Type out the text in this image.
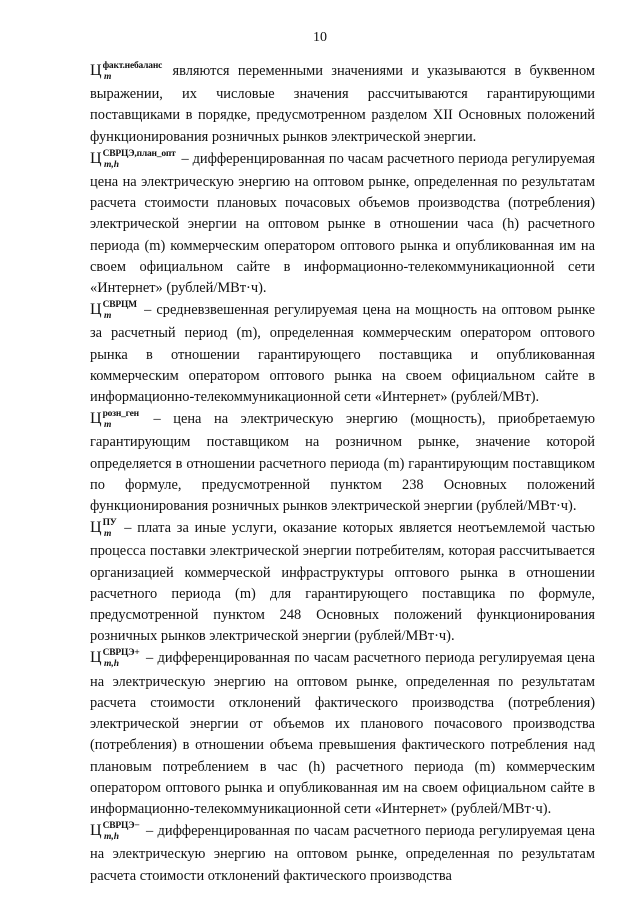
10

$Ц^{факт.небаланс}$
m	являются переменными значениями и указываются в буквенном выражении, их числовые значения рассчитываются гарантирующими поставщиками в порядке, предусмотренном разделом XII Основных положений функционирования розничных рынков электрической энергии.

$Ц^{СВРЦЭ,план\_опт}$
m,h	– дифференцированная по часам расчетного периода регулируемая цена на электрическую энергию на оптовом рынке, определенная по результатам расчета стоимости плановых почасовых объемов производства (потребления) электрической энергии на оптовом рынке в отношении часа (h) расчетного периода (m) коммерческим оператором оптового рынка и опубликованная им на своем официальном сайте в информационно-телекоммуникационной сети «Интернет» (рублей/МВт·ч).

$Ц^{СВРЦМ}$
m – средневзвешенная регулируемая цена на мощность на оптовом рынке за расчетный период (m), определенная коммерческим оператором оптового рынка в отношении гарантирующего поставщика и опубликованная коммерческим оператором оптового рынка на своем официальном сайте в информационно-телекоммуникационной сети «Интернет» (рублей/МВт).

$Ц^{розн\_ген}$
m	– цена на электрическую энергию (мощность), приобретаемую гарантирующим поставщиком на розничном рынке, значение которой определяется в отношении расчетного периода (m) гарантирующим поставщиком по формуле, предусмотренной пунктом 238 Основных положений функционирования розничных рынков электрической энергии (рублей/МВт·ч).

$Ц^{ПУ}$
m – плата за иные услуги, оказание которых является неотъемлемой частью процесса поставки электрической энергии потребителям, которая рассчитывается организацией коммерческой инфраструктуры оптового рынка в отношении расчетного периода (m) для гарантирующего поставщика по формуле, предусмотренной пунктом 248 Основных положений функционирования розничных рынков электрической энергии (рублей/МВт·ч).

$Ц^{СВРЦЭ+}$
m,h – дифференцированная по часам расчетного периода регулируемая цена на электрическую энергию на оптовом рынке, определенная по результатам расчета стоимости отклонений фактического производства (потребления) электрической энергии от объемов их планового почасового производства (потребления) в отношении объема превышения фактического потребления над плановым потреблением в час (h) расчетного периода (m) коммерческим оператором оптового рынка и опубликованная им на своем официальном сайте в информационно-телекоммуникационной сети «Интернет» (рублей/МВт·ч).

$Ц^{СВРЦЭ-}$
m,h – дифференцированная по часам расчетного периода регулируемая цена на электрическую энергию на оптовом рынке, определенная по результатам расчета стоимости отклонений фактического производства
